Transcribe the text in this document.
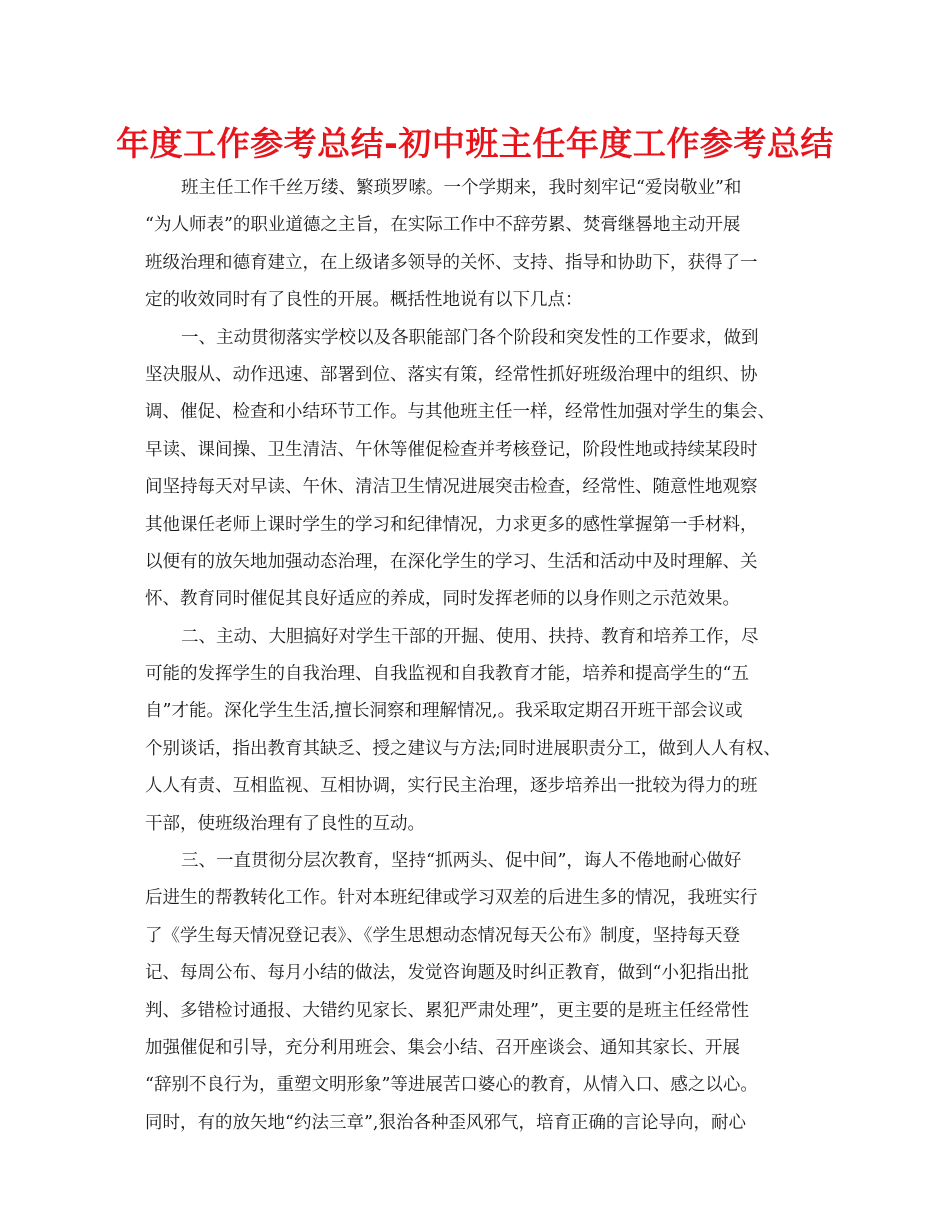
年度工作参考总结-初中班主任年度工作参考总结
班主任工作千丝万缕、繁琐罗嗦。一个学期来，我时刻牢记“爱岗敬业”和
“为人师表”的职业道德之主旨，在实际工作中不辞劳累、焚膏继晷地主动开展
班级治理和德育建立，在上级诸多领导的关怀、支持、指导和协助下，获得了一
定的收效同时有了良性的开展。概括性地说有以下几点：
一、主动贯彻落实学校以及各职能部门各个阶段和突发性的工作要求，做到
坚决服从、动作迅速、部署到位、落实有策，经常性抓好班级治理中的组织、协
调、催促、检查和小结环节工作。与其他班主任一样，经常性加强对学生的集会、
早读、课间操、卫生清洁、午休等催促检查并考核登记，阶段性地或持续某段时
间坚持每天对早读、午休、清洁卫生情况进展突击检查，经常性、随意性地观察
其他课任老师上课时学生的学习和纪律情况，力求更多的感性掌握第一手材料，
以便有的放矢地加强动态治理，在深化学生的学习、生活和活动中及时理解、关
怀、教育同时催促其良好适应的养成，同时发挥老师的以身作则之示范效果。
二、主动、大胆搞好对学生干部的开掘、使用、扶持、教育和培养工作，尽
可能的发挥学生的自我治理、自我监视和自我教育才能，培养和提高学生的“五
自”才能。深化学生生活,擅长洞察和理解情况,。我采取定期召开班干部会议或
个别谈话，指出教育其缺乏、授之建议与方法;同时进展职责分工，做到人人有权、
人人有责、互相监视、互相协调，实行民主治理，逐步培养出一批较为得力的班
干部，使班级治理有了良性的互动。
三、一直贯彻分层次教育，坚持“抓两头、促中间”，诲人不倦地耐心做好
后进生的帮教转化工作。针对本班纪律或学习双差的后进生多的情况，我班实行
了《学生每天情况登记表》、《学生思想动态情况每天公布》制度，坚持每天登
记、每周公布、每月小结的做法，发觉咨询题及时纠正教育，做到“小犯指出批
判、多错检讨通报、大错约见家长、累犯严肃处理”，更主要的是班主任经常性
加强催促和引导，充分利用班会、集会小结、召开座谈会、通知其家长、开展
“辞别不良行为，重塑文明形象”等进展苦口婆心的教育，从情入口、感之以心。
同时，有的放矢地“约法三章”,狠治各种歪风邪气，培育正确的言论导向，耐心
